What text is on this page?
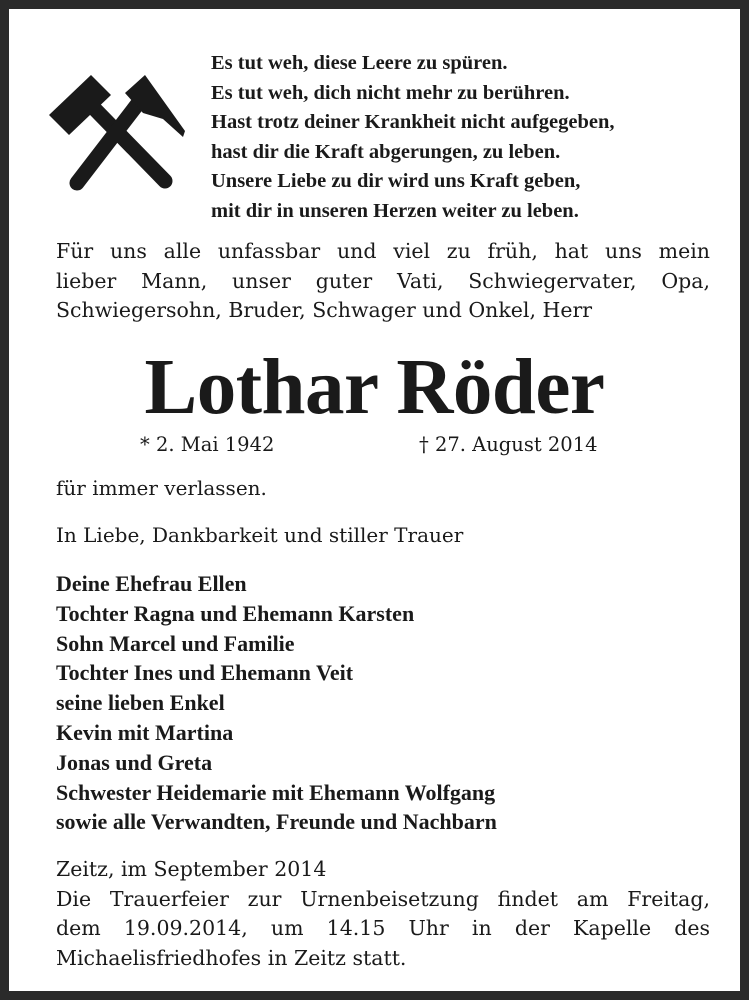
Es tut weh, diese Leere zu spüren.
Es tut weh, dich nicht mehr zu berühren.
Hast trotz deiner Krankheit nicht aufgegeben,
hast dir die Kraft abgerungen, zu leben.
Unsere Liebe zu dir wird uns Kraft geben,
mit dir in unseren Herzen weiter zu leben.
Für uns alle unfassbar und viel zu früh, hat uns mein
lieber Mann, unser guter Vati, Schwiegervater, Opa,
Schwiegersohn, Bruder, Schwager und Onkel, Herr
Lothar Röder
* 2. Mai 1942	† 27. August 2014
für immer verlassen.
In Liebe, Dankbarkeit und stiller Trauer
Deine Ehefrau Ellen
Tochter Ragna und Ehemann Karsten
Sohn Marcel und Familie
Tochter Ines und Ehemann Veit
seine lieben Enkel
Kevin mit Martina
Jonas und Greta
Schwester Heidemarie mit Ehemann Wolfgang
sowie alle Verwandten, Freunde und Nachbarn
Zeitz, im September 2014
Die Trauerfeier zur Urnenbeisetzung findet am Freitag,
dem 19.09.2014, um 14.15 Uhr in der Kapelle des
Michaelisfriedhofes in Zeitz statt.
